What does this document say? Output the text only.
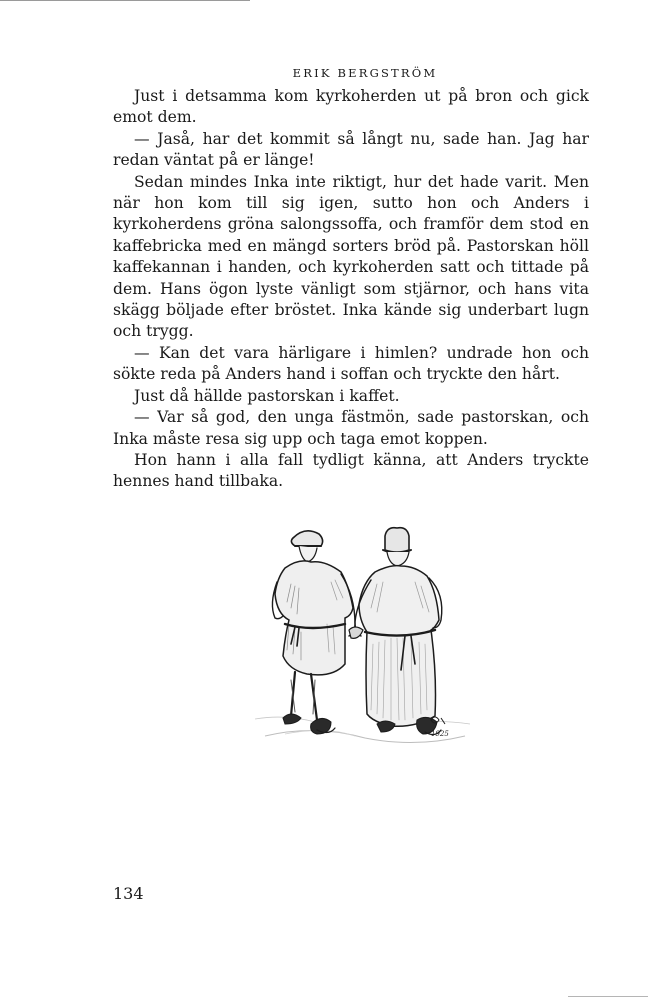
ERIK BERGSTRÖM

Just i detsamma kom kyrkoherden ut på bron och gick emot dem.

— Jaså, har det kommit så långt nu, sade han. Jag har redan väntat på er länge!

Sedan mindes Inka inte riktigt, hur det hade varit. Men när hon kom till sig igen, sutto hon och Anders i kyrkoherdens gröna salongssoffa, och framför dem stod en kaffebricka med en mängd sorters bröd på. Pastorskan höll kaffekannan i handen, och kyrkoherden satt och tittade på dem. Hans ögon lyste vänligt som stjärnor, och hans vita skägg böljade efter bröstet. Inka kände sig underbart lugn och trygg.

— Kan det vara härligare i himlen? undrade hon och sökte reda på Anders hand i soffan och tryckte den hårt.

Just då hällde pastorskan i kaffet.

— Var så god, den unga fästmön, sade pastorskan, och Inka måste resa sig upp och taga emot koppen.

Hon hann i alla fall tydligt känna, att Anders tryckte hennes hand tillbaka.

1925

134
